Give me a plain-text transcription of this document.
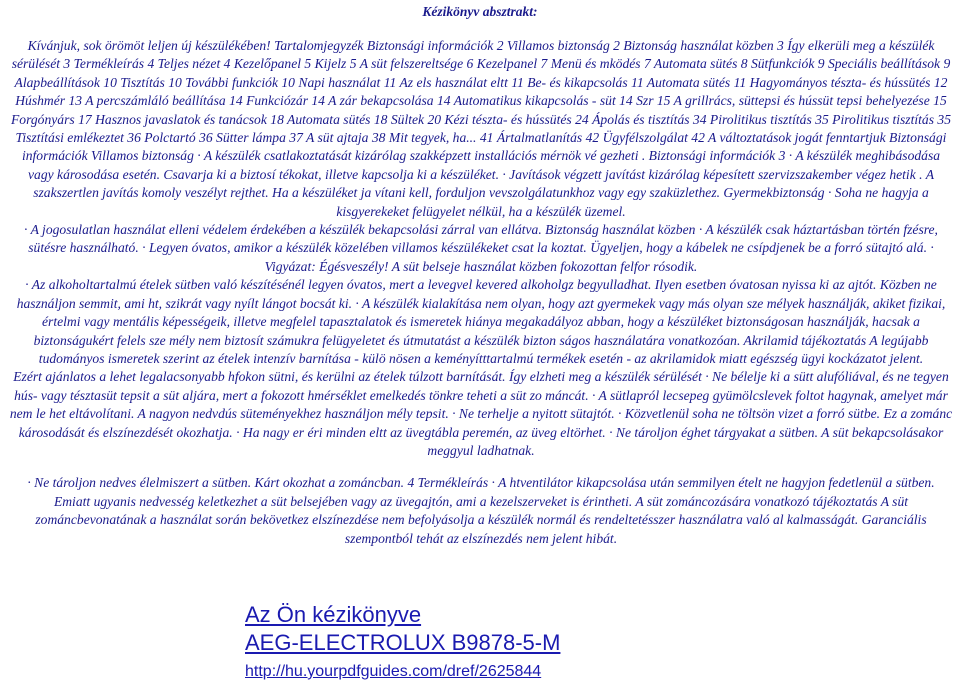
Kézikönyv absztrakt:

Kívánjuk, sok örömöt leljen új készülékében! Tartalomjegyzék Biztonsági információk 2 Villamos biztonság 2 Biztonság használat közben 3 Így elkerüli meg a készülék sérülését 3 Termékleírás 4 Teljes nézet 4 Kezelőpanel 5 Kijelz 5 A süt felszereltsége 6 Kezelpanel 7 Menü és mködés 7 Automata sütés 8 Sütfunkciók 9 Speciális beállítások 9 Alapbeállítások 10 Tisztítás 10 További funkciók 10 Napi használat 11 Az els használat eltt 11 Be- és kikapcsolás 11 Automata sütés 11 Hagyományos tészta- és hússütés 12 Húshmér 13 A percszámláló beállítása 14 Funkciózár 14 A zár bekapcsolása 14 Automatikus kikapcsolás - süt 14 Szr 15 A grillrács, süttepsi és hússüt tepsi behelyezése 15 Forgónyárs 17 Hasznos javaslatok és tanácsok 18 Automata sütés 18 Sültek 20 Kézi tészta- és hússütés 24 Ápolás és tisztítás 34 Pirolitikus tisztítás 35 Pirolitikus tisztítás 35 Tisztítási emlékeztet 36 Polctartó 36 Sütter lámpa 37 A süt ajtaja 38 Mit tegyek, ha... 41 Ártalmatlanítás 42 Ügyfélszolgálat 42 A változtatások jogát fenntartjuk Biztonsági információk Villamos biztonság · A készülék csatlakoztatását kizárólag szakképzett installációs mérnök vé gezheti . Biztonsági információk 3 · A készülék meghibásodása vagy károsodása esetén. Csavarja ki a biztosí tékokat, illetve kapcsolja ki a készüléket. · Javítások végzett javítást kizárólag képesített szervizszakember végez hetik . A szakszertlen javítás komoly veszélyt rejthet. Ha a készüléket ja vítani kell, forduljon vevszolgálatunkhoz vagy egy szaküzlethez. Gyermekbiztonság · Soha ne hagyja a kisgyerekeket felügyelet nélkül, ha a készülék üzemel.

· A jogosulatlan használat elleni védelem érdekében a készülék bekapcsolási zárral van ellátva. Biztonság használat közben · A készülék csak háztartásban történ fzésre, sütésre használható. · Legyen óvatos, amikor a készülék közelében villamos készülékeket csat la koztat. Ügyeljen, hogy a kábelek ne csípdjenek be a forró sütajtó alá. · Vigyázat: Égésveszély! A süt belseje használat közben fokozottan felfor rósodik.

· Az alkoholtartalmú ételek sütben való készítésénél legyen óvatos, mert a levegvel kevered alkoholgz begyulladhat. Ilyen esetben óvatosan nyissa ki az ajtót. Közben ne használjon semmit, ami ht, szikrát vagy nyílt lángot bocsát ki. · A készülék kialakítása nem olyan, hogy azt gyermekek vagy más olyan sze mélyek használják, akiket fizikai, értelmi vagy mentális képességeik, illetve megfelel tapasztalatok és ismeretek hiánya megakadályoz abban, hogy a készüléket biztonságosan használják, hacsak a biztonságukért felels sze mély nem biztosít számukra felügyeletet és útmutatást a készülék bizton ságos használatára vonatkozóan. Akrilamid tájékoztatás A legújabb tudományos ismeretek szerint az ételek intenzív barnítása - külö nösen a keményítttartalmú termékek esetén - az akrilamidok miatt egészség ügyi kockázatot jelent.

Ezért ajánlatos a lehet legalacsonyabb hfokon sütni, és kerülni az ételek túlzott barnítását. Így elzheti meg a készülék sérülését · Ne bélelje ki a sütt alufóliával, és ne tegyen hús- vagy tésztasüt tepsit a süt aljára, mert a fokozott hmérséklet emelkedés tönkre teheti a süt zo máncát. · A sütlapról lecsepeg gyümölcslevek foltot hagynak, amelyet már nem le het eltávolítani. A nagyon nedvdús süteményekhez használjon mély tepsit. · Ne terhelje a nyitott sütajtót. · Közvetlenül soha ne töltsön vizet a forró sütbe. Ez a zománc károsodását és elszínezdését okozhatja. · Ha nagy er éri minden eltt az üvegtábla peremén, az üveg eltörhet. · Ne tároljon éghet tárgyakat a sütben. A süt bekapcsolásakor meggyul ladhatnak.

· Ne tároljon nedves élelmiszert a sütben. Kárt okozhat a zománcban. 4 Termékleírás · A htventilátor kikapcsolása után semmilyen ételt ne hagyjon fedetlenül a sütben. Emiatt ugyanis nedvesség keletkezhet a süt belsejében vagy az üvegajtón, ami a kezelszerveket is érintheti. A süt zománcozására vonatkozó tájékoztatás A süt zománcbevonatának a használat során bekövetkez elszínezdése nem befolyásolja a készülék normál és rendeltetésszer használatra való al kalmasságát. Garanciális szempontból tehát az elszínezdés nem jelent hibát.

Az Ön kézikönyve
AEG-ELECTROLUX B9878-5-M
http://hu.yourpdfguides.com/dref/2625844
